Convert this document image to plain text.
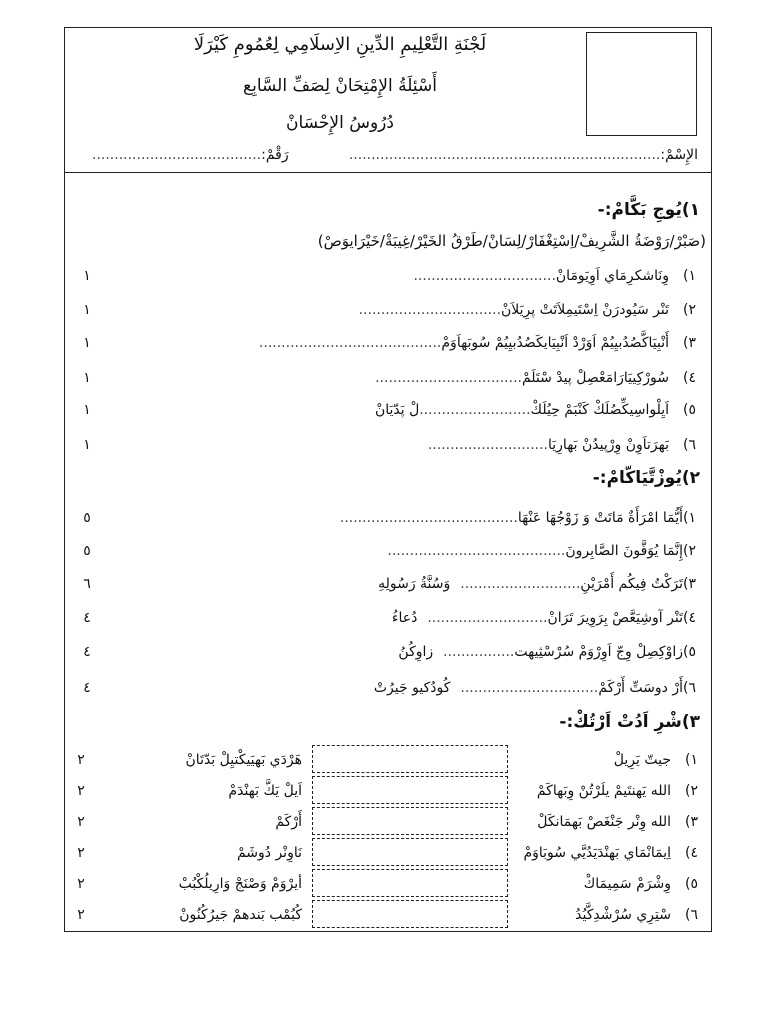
لَجْنَةِ التَّعْلِيمِ الدِّينِ الاِسلَامِي لِعُمُومِ كَيْرَلَا
أَسْئِلَةُ الإِمْتِحَانْ لِصَفِّ السَّابِع
دُرُوسُ الإِحْسَانْ
الإِسْمْ:......................................................................
رَقْمْ:......................................
١)يُوجِ بَكَّامْ:-
(صَبْرْ/رَوْضَةُ الشَّرِيفْ/اِسْتِغْفَارْ/لِسَانْ/طَرْقُ الخَيْرْ/غِيبَةْ/خَيْرَايوَصْ)
١)وِنَاشكرِمَاي اَوِيَومَانْ................................
١
٢)تَنْر سَيُودرَنْ اِسْتَيمِلاَتَتْ پرِيَلاَنْ................................
١
٣)أَنْبِيَاكَّصُدُبيِيُمْ اَوَرْدْ اَنْبِيَايكَصُدُبيِيُمْ سُوبَهاَوَمْ.........................................
١
٤)سُورْكِييَارَامَعْصِلْ پيدْ سْتَلَمْ.................................
١
٥)اَيِلْواسِيكِّصُلَكْ كَنْبَمْ حِيُلَكْ.........................لْ پَدّيَانْ
١
٦)بَهرَتاَوِنْ وِرْپيدُنْ بَهارِيَا...........................
١
٢)يُوزْتَّيَاكّامْ:-
١)أَيُّمَا امْرَأَةٌ مَاتَتْ وَ زَوْجُهَا عَنْهَا........................................
٥
٢)إِنَّمَا يُوَفَّونَ الصَّابِرونَ........................................
٥
٣)تَرَكْتُ فِيكُم أَمْرَيْنِ...........................وَسُنَّةُ رَسُولِهِ
٦
٤)تَنْر آوشِيَعَّصْ بِرَوِيرَ تَرَانْ...........................دُعاءُ
٤
٥)زاوْكِصِلْ وِجّ اَوِرْوَمْ سُرْسْثِيهت................زاوِكُنُ
٤
٦)أَرْ دوسَتِّ أَرْكَمْ...............................كُودُكيو جَيرُتْ
٤
٣)شْرِ اَدُتْ اَرْتُكْ:-
١)جيتّ يَرِيلْ
هَرْدَي بَهيَيكْتيِلْ بَدّتَانْ
٢
٢)الله يَهنتَيمْ يلَرْتُنْ وِبَهاكَمْ
اَيلْ يَكَّ بَهنْدَمْ
٢
٣)الله وِنْر جَنْغَصْ بَهمَانكَلْ
أَرْكَمْ
٢
٤)اِيمَانْمَاي بَهنْدَيَدُيَّي سُوبَاوَمْ
نَاوِنْر دُوشَمْ
٢
٥)وِشْرَمْ سَمِيمَاكْ
أيرْوَمْ وَصْنَجْ وَارِيلُكْبُبْ
٢
٦)سْتِرِي سُرْشْدِكَّيُدُ
كُبُمْب بَندهمْ جَيرُكُنُونْ
٢
